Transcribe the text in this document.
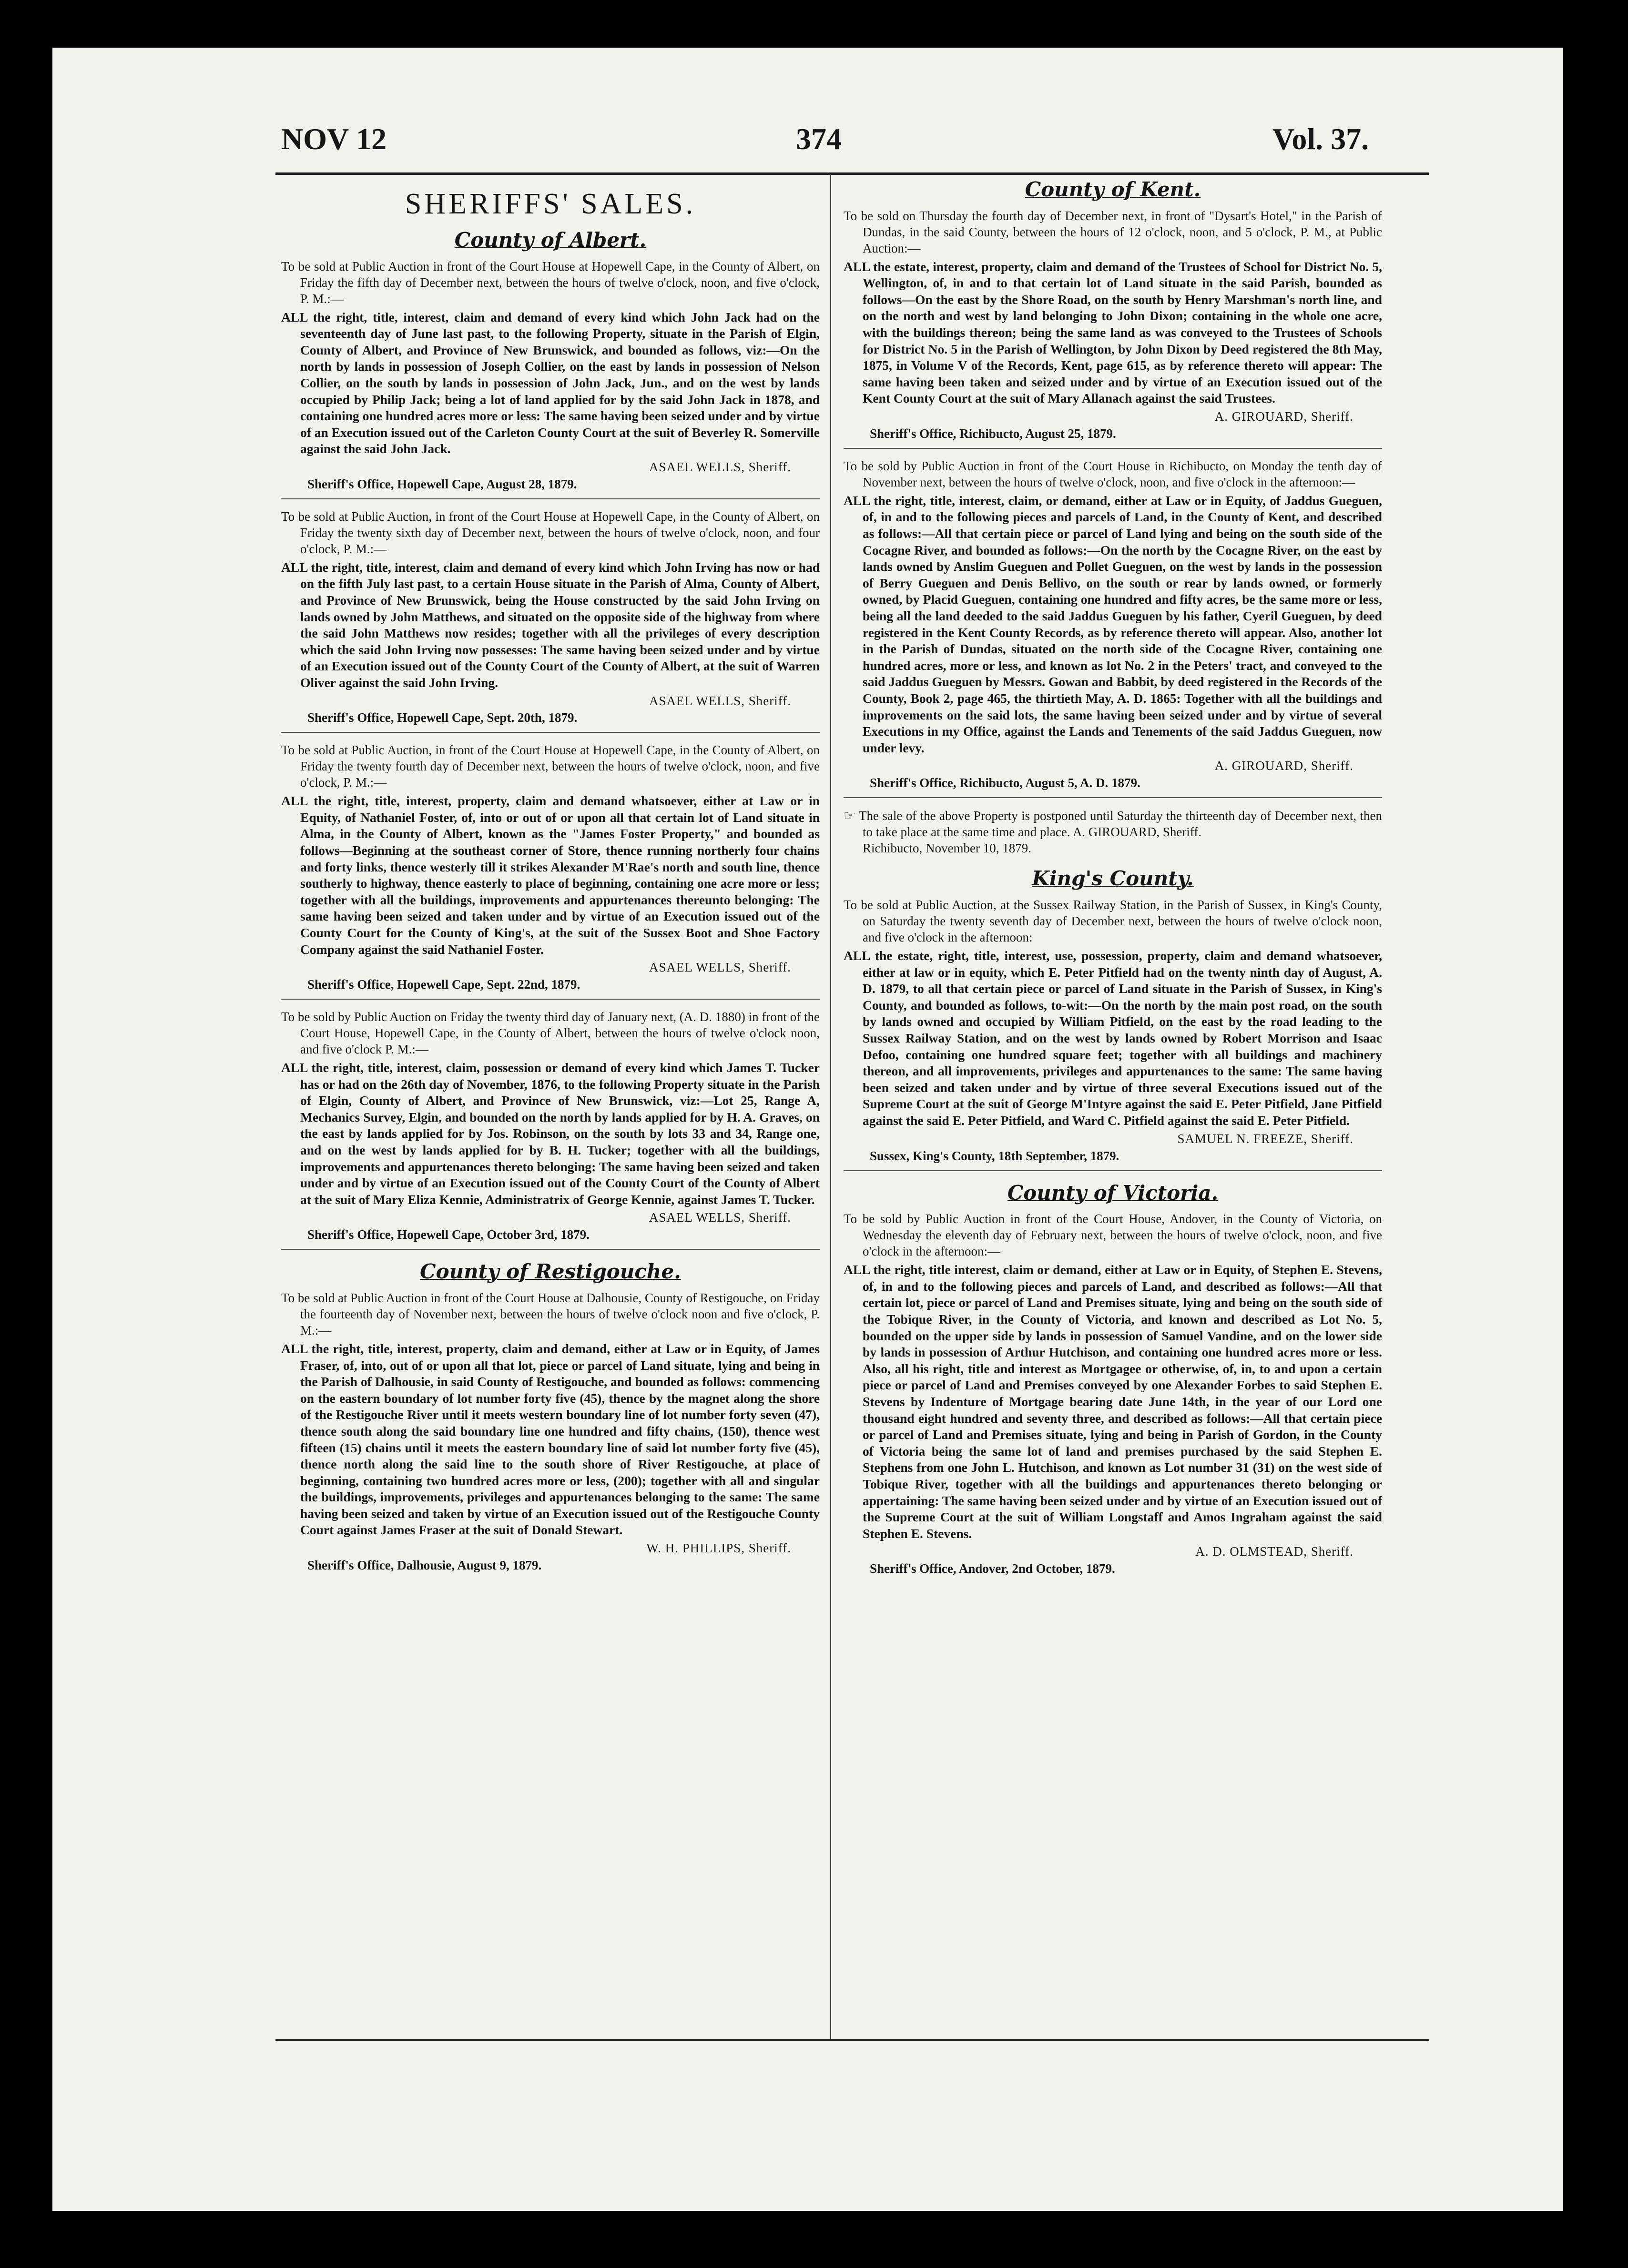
NOV 12	374	Vol. 37.
SHERIFFS' SALES.
County of Albert.

To be sold at Public Auction in front of the Court House at Hopewell Cape, in the County of Albert, on Friday the fifth day of December next, between the hours of twelve o'clock, noon, and five o'clock, P. M.:—

ALL the right, title, interest, claim and demand of every kind which John Jack had on the seventeenth day of June last past, to the following Property, situate in the Parish of Elgin, County of Albert, and Province of New Brunswick, and bounded as follows, viz:—On the north by lands in possession of Joseph Collier, on the east by lands in possession of Nelson Collier, on the south by lands in possession of John Jack, Jun., and on the west by lands occupied by Philip Jack; being a lot of land applied for by the said John Jack in 1878, and containing one hundred acres more or less: The same having been seized under and by virtue of an Execution issued out of the Carleton County Court at the suit of Beverley R. Somerville against the said John Jack.

ASAEL WELLS, Sheriff.
Sheriff's Office, Hopewell Cape, August 28, 1879.

To be sold at Public Auction, in front of the Court House at Hopewell Cape, in the County of Albert, on Friday the twenty sixth day of December next, between the hours of twelve o'clock, noon, and four o'clock, P. M.:—

ALL the right, title, interest, claim and demand of every kind which John Irving has now or had on the fifth July last past, to a certain House situate in the Parish of Alma, County of Albert, and Province of New Brunswick, being the House constructed by the said John Irving on lands owned by John Matthews, and situated on the opposite side of the highway from where the said John Matthews now resides; together with all the privileges of every description which the said John Irving now possesses: The same having been seized under and by virtue of an Execution issued out of the County Court of the County of Albert, at the suit of Warren Oliver against the said John Irving.

ASAEL WELLS, Sheriff.
Sheriff's Office, Hopewell Cape, Sept. 20th, 1879.

To be sold at Public Auction, in front of the Court House at Hopewell Cape, in the County of Albert, on Friday the twenty fourth day of December next, between the hours of twelve o'clock, noon, and five o'clock, P. M.:—

ALL the right, title, interest, property, claim and demand whatsoever, either at Law or in Equity, of Nathaniel Foster, of, into or out of or upon all that certain lot of Land situate in Alma, in the County of Albert, known as the "James Foster Property," and bounded as follows—Beginning at the southeast corner of Store, thence running northerly four chains and forty links, thence westerly till it strikes Alexander M'Rae's north and south line, thence southerly to highway, thence easterly to place of beginning, containing one acre more or less; together with all the buildings, improvements and appurtenances thereunto belonging: The same having been seized and taken under and by virtue of an Execution issued out of the County Court for the County of King's, at the suit of the Sussex Boot and Shoe Factory Company against the said Nathaniel Foster.

ASAEL WELLS, Sheriff.
Sheriff's Office, Hopewell Cape, Sept. 22nd, 1879.

To be sold by Public Auction on Friday the twenty third day of January next, (A. D. 1880) in front of the Court House, Hopewell Cape, in the County of Albert, between the hours of twelve o'clock noon, and five o'clock P. M.:—

ALL the right, title, interest, claim, possession or demand of every kind which James T. Tucker has or had on the 26th day of November, 1876, to the following Property situate in the Parish of Elgin, County of Albert, and Province of New Brunswick, viz:—Lot 25, Range A, Mechanics Survey, Elgin, and bounded on the north by lands applied for by H. A. Graves, on the east by lands applied for by Jos. Robinson, on the south by lots 33 and 34, Range one, and on the west by lands applied for by B. H. Tucker; together with all the buildings, improvements and appurtenances thereto belonging: The same having been seized and taken under and by virtue of an Execution issued out of the County Court of the County of Albert at the suit of Mary Eliza Kennie, Administratrix of George Kennie, against James T. Tucker.

ASAEL WELLS, Sheriff.
Sheriff's Office, Hopewell Cape, October 3rd, 1879.
County of Restigouche.

To be sold at Public Auction in front of the Court House at Dalhousie, County of Restigouche, on Friday the fourteenth day of November next, between the hours of twelve o'clock noon and five o'clock, P. M.:—

ALL the right, title, interest, property, claim and demand, either at Law or in Equity, of James Fraser, of, into, out of or upon all that lot, piece or parcel of Land situate, lying and being in the Parish of Dalhousie, in said County of Restigouche, and bounded as follows: commencing on the eastern boundary of lot number forty five (45), thence by the magnet along the shore of the Restigouche River until it meets western boundary line of lot number forty seven (47), thence south along the said boundary line one hundred and fifty chains, (150), thence west fifteen (15) chains until it meets the eastern boundary line of said lot number forty five (45), thence north along the said line to the south shore of River Restigouche, at place of beginning, containing two hundred acres more or less, (200); together with all and singular the buildings, improvements, privileges and appurtenances belonging to the same: The same having been seized and taken by virtue of an Execution issued out of the Restigouche County Court against James Fraser at the suit of Donald Stewart.

W. H. PHILLIPS, Sheriff.
Sheriff's Office, Dalhousie, August 9, 1879.
County of Kent.

To be sold on Thursday the fourth day of December next, in front of "Dysart's Hotel," in the Parish of Dundas, in the said County, between the hours of 12 o'clock, noon, and 5 o'clock, P. M., at Public Auction:—

ALL the estate, interest, property, claim and demand of the Trustees of School for District No. 5, Wellington, of, in and to that certain lot of Land situate in the said Parish, bounded as follows—On the east by the Shore Road, on the south by Henry Marshman's north line, and on the north and west by land belonging to John Dixon; containing in the whole one acre, with the buildings thereon; being the same land as was conveyed to the Trustees of Schools for District No. 5 in the Parish of Wellington, by John Dixon by Deed registered the 8th May, 1875, in Volume V of the Records, Kent, page 615, as by reference thereto will appear: The same having been taken and seized under and by virtue of an Execution issued out of the Kent County Court at the suit of Mary Allanach against the said Trustees.

A. GIROUARD, Sheriff.
Sheriff's Office, Richibucto, August 25, 1879.

To be sold by Public Auction in front of the Court House in Richibucto, on Monday the tenth day of November next, between the hours of twelve o'clock, noon, and five o'clock in the afternoon:—

ALL the right, title, interest, claim, or demand, either at Law or in Equity, of Jaddus Gueguen, of, in and to the following pieces and parcels of Land, in the County of Kent, and described as follows:—All that certain piece or parcel of Land lying and being on the south side of the Cocagne River, and bounded as follows:—On the north by the Cocagne River, on the east by lands owned by Anslim Gueguen and Pollet Gueguen, on the west by lands in the possession of Berry Gueguen and Denis Bellivo, on the south or rear by lands owned, or formerly owned, by Placid Gueguen, containing one hundred and fifty acres, be the same more or less, being all the land deeded to the said Jaddus Gueguen by his father, Cyeril Gueguen, by deed registered in the Kent County Records, as by reference thereto will appear. Also, another lot in the Parish of Dundas, situated on the north side of the Cocagne River, containing one hundred acres, more or less, and known as lot No. 2 in the Peters' tract, and conveyed to the said Jaddus Gueguen by Messrs. Gowan and Babbit, by deed registered in the Records of the County, Book 2, page 465, the thirtieth May, A. D. 1865: Together with all the buildings and improvements on the said lots, the same having been seized under and by virtue of several Executions in my Office, against the Lands and Tenements of the said Jaddus Gueguen, now under levy.

A. GIROUARD, Sheriff.
Sheriff's Office, Richibucto, August 5, A. D. 1879.

☞ The sale of the above Property is postponed until Saturday the thirteenth day of December next, then to take place at the same time and place. A. GIROUARD, Sheriff.
Richibucto, November 10, 1879.

King's County.

To be sold at Public Auction, at the Sussex Railway Station, in the Parish of Sussex, in King's County, on Saturday the twenty seventh day of December next, between the hours of twelve o'clock noon, and five o'clock in the afternoon:

ALL the estate, right, title, interest, use, possession, property, claim and demand whatsoever, either at law or in equity, which E. Peter Pitfield had on the twenty ninth day of August, A. D. 1879, to all that certain piece or parcel of Land situate in the Parish of Sussex, in King's County, and bounded as follows, to-wit:—On the north by the main post road, on the south by lands owned and occupied by William Pitfield, on the east by the road leading to the Sussex Railway Station, and on the west by lands owned by Robert Morrison and Isaac Defoo, containing one hundred square feet; together with all buildings and machinery thereon, and all improvements, privileges and appurtenances to the same: The same having been seized and taken under and by virtue of three several Executions issued out of the Supreme Court at the suit of George M'Intyre against the said E. Peter Pitfield, Jane Pitfield against the said E. Peter Pitfield, and Ward C. Pitfield against the said E. Peter Pitfield.

SAMUEL N. FREEZE, Sheriff.
Sussex, King's County, 18th September, 1879.
County of Victoria.

To be sold by Public Auction in front of the Court House, Andover, in the County of Victoria, on Wednesday the eleventh day of February next, between the hours of twelve o'clock, noon, and five o'clock in the afternoon:—

ALL the right, title interest, claim or demand, either at Law or in Equity, of Stephen E. Stevens, of, in and to the following pieces and parcels of Land, and described as follows:—All that certain lot, piece or parcel of Land and Premises situate, lying and being on the south side of the Tobique River, in the County of Victoria, and known and described as Lot No. 5, bounded on the upper side by lands in possession of Samuel Vandine, and on the lower side by lands in possession of Arthur Hutchison, and containing one hundred acres more or less. Also, all his right, title and interest as Mortgagee or otherwise, of, in, to and upon a certain piece or parcel of Land and Premises conveyed by one Alexander Forbes to said Stephen E. Stevens by Indenture of Mortgage bearing date June 14th, in the year of our Lord one thousand eight hundred and seventy three, and described as follows:—All that certain piece or parcel of Land and Premises situate, lying and being in Parish of Gordon, in the County of Victoria being the same lot of land and premises purchased by the said Stephen E. Stephens from one John L. Hutchison, and known as Lot number 31 (31) on the west side of Tobique River, together with all the buildings and appurtenances thereto belonging or appertaining: The same having been seized under and by virtue of an Execution issued out of the Supreme Court at the suit of William Longstaff and Amos Ingraham against the said Stephen E. Stevens.

A. D. OLMSTEAD, Sheriff.
Sheriff's Office, Andover, 2nd October, 1879.
